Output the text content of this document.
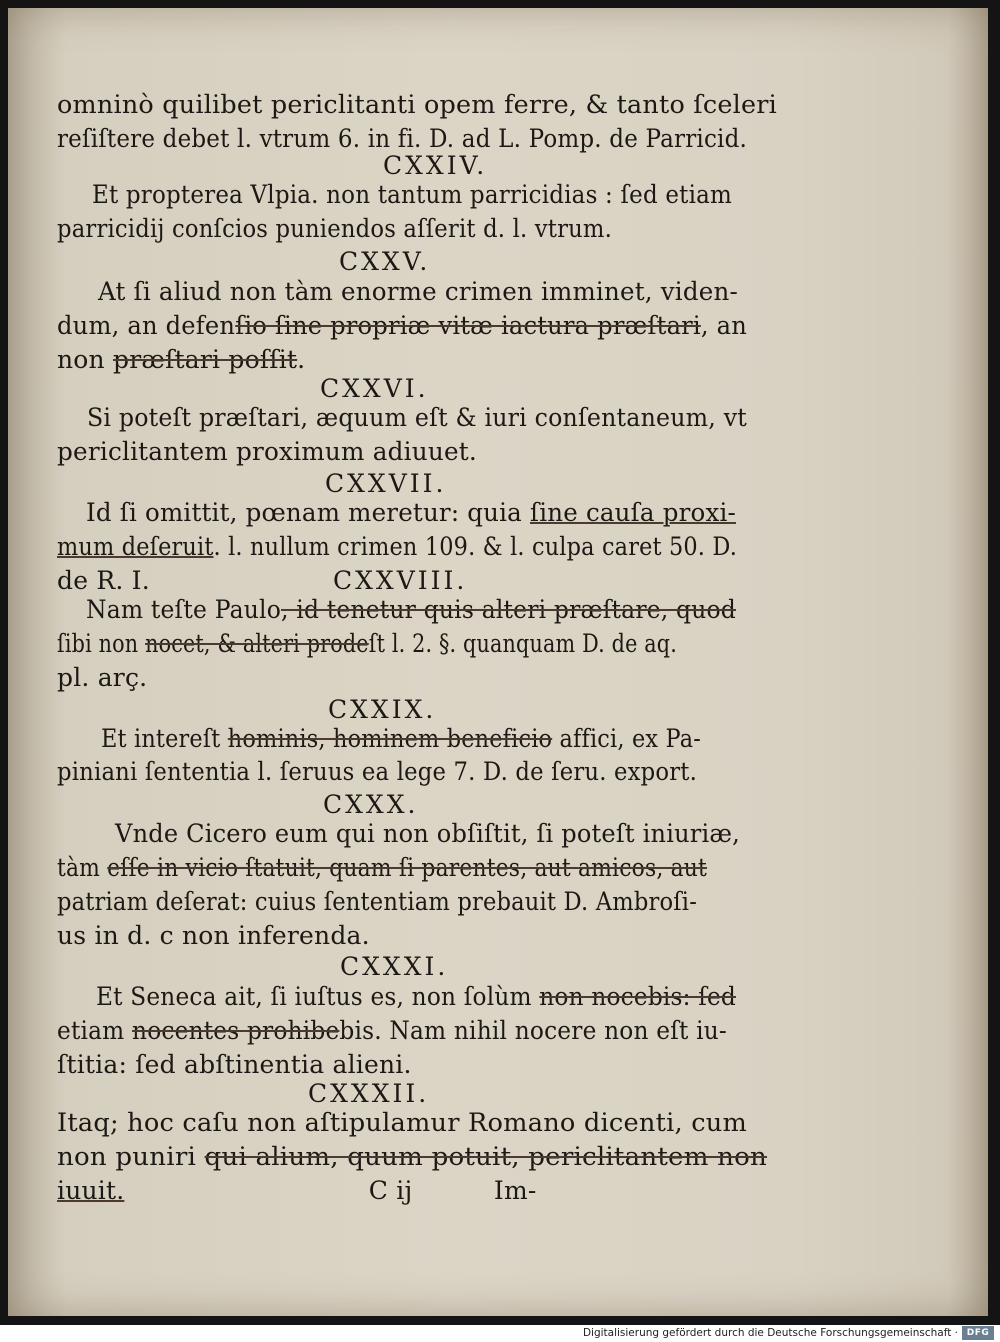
omninò quilibet periclitanti opem ferre, & tanto ſceleri
reſiſtere debet l. vtrum 6. in fi. D. ad L. Pomp. de Parricid.
CXXIV.
Et propterea Vlpia. non tantum parricidias : ſed etiam
parricidij conſcios puniendos aſſerit d. l. vtrum.
CXXV.
At ſi aliud non tàm enorme crimen imminet, viden-
dum, an defenſio ſine propriæ vitæ iactura præſtari, an
non præſtari poſſit.
CXXVI.
Si poteſt præſtari, æquum eſt & iuri conſentaneum, vt
periclitantem proximum adiuuet.
CXXVII.
Id ſi omittit, pœnam meretur: quia ſine cauſa proxi-
mum deſeruit. l. nullum crimen 109. & l. culpa caret 50. D.
de R. I.	CXXVIII.
Nam teſte Paulo, id tenetur quis alteri præſtare, quod
ſibi non nocet, & alteri prodeſt l. 2. §. quanquam D. de aq.
pl. arç.
CXXIX.
Et intereſt hominis, hominem beneficio affici, ex Pa-
piniani ſententia l. ſeruus ea lege 7. D. de ſeru. export.
CXXX.
Vnde Cicero eum qui non obſiſtit, ſi poteſt iniuriæ,
tàm eſſe in vicio ſtatuit, quam ſi parentes, aut amicos, aut
patriam deſerat: cuius ſententiam prebauit D. Ambroſi-
us in d. c non inferenda.
CXXXI.
Et Seneca ait, ſi iuſtus es, non ſolùm non nocebis: ſed
etiam nocentes prohibebis. Nam nihil nocere non eſt iu-
ſtitia: ſed abſtinentia alieni.
CXXXII.
Itaq; hoc caſu non aſtipulamur Romano dicenti, cum
non puniri qui alium, quum potuit, periclitantem non
iuuit.                              C ij          Im-
Digitalisierung gefördert durch die Deutsche Forschungsgemeinschaft · DFG
